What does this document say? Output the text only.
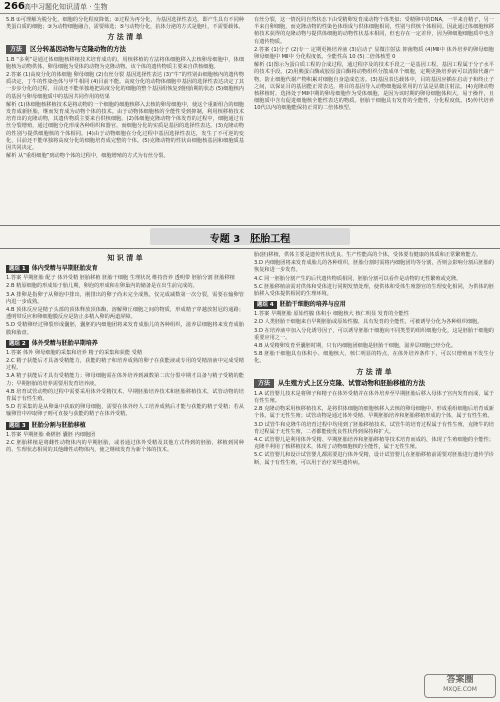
266 高中习题化知识清单 · 生物

5.B ①可理解为脱分化，细胞的分化程度降低；②过程为再分化，为基因选择性表达，即产生具有不同种类蛋白质的细胞；③为动物细胞融合，需要筛选；⑤与动物分化，抗体分泌的方式是胞吐，不需要载体。

方 法 清 单
方法 区分转基因动物与克隆动物的方法

1.B “多利”是通过体细胞核移植技术培育成功的，用核移植的方法将体细胞移入去核卵母细胞中，体细胞核为动物供体，卵母细胞为受体的动物为克隆动物。该个体的遗传物质主要来自供核细胞。

2.答案 (1)高度分化的体细胞 卵母细胞 (2)有丝分裂 基因选择性表达 (3)“牛”的性别由细胞核内的遗传物质决定，丁牛的性染色体与甲牛相同 (4)目前不能。高度分化的动物体细胞中基因的选择性表达决定了其一步步分化的过程，目前还不能单独地把高度分化的细胞的整个基因组恢复到胚胎期的状态 (5)细胞核内的基因与卵母细胞质中的基因共同作用的结果

解析 (1)体细胞核移植技术是将动物的一个细胞的细胞核移入去核的卵母细胞中，使这个重新组合的细胞发育成新胚胎，继而发育成为动物个体的技术。由于动物体细胞核的全能性受到抑制，利用核移植技术培育出的克隆动物，其遗传物质主要来自供核细胞。(2)体细胞克隆动物个体发育的过程中，细胞通过有丝分裂增殖，通过细胞分化形成各种组织和器官，而细胞分化的实质是基因的选择性表达。(3)克隆动物的性别与提供细胞核的个体相同。(4)由于动物细胞在分化过程中基因选择性表达，发生了不可逆的变化，目前还不能单独将高度分化的细胞培育成完整的个体。(5)克隆动物的性状由细胞核基因和细胞质基因共同决定。

解析 从“重组细胞”到动物个体的过程中，细胞增殖的方式为有丝分裂。

有丝分裂，这一情况同自然状态下由受精卵发育成动物个体类似；受精卵中的DNA，一半来自精子，另一半来自卵细胞，而克隆动物的性染色体组成与供体细胞相同，性别与供核个体相同。因此通过体细胞核移植技术获得的克隆动物与提供体细胞的动物性状基本相同，但也存在一定差异，因为卵细胞细胞质中也含有遗传物质。

2.答案 (1)分子 (2)专一 定期更换培养液 (3)启动子 显微注射法 抑菌物质 (4)MⅡ中 体外培养的卵母细胞 卵母细胞中 MⅡ中 分化程度低、全能性高 10 (5)二倍体核型 0

解析 (1)图示为蛋白质工程的合成过程，通过程序及的技术手段之一是基因工程。基因工程属于分子水平的技术手段。(2)用胰蛋白酶或胶原蛋白酶将动物组织分散成单个细胞，定期更换培养液可以清除代谢产物，防止细胞代谢产物积累对细胞自身造成危害。(3)基因表达载体中，目的基因应插在启动子和终止子之间，以保证目的基因能正常表达。将目的基因导入动物细胞最常用的方法是显微注射法。(4)克隆动物核移植时，选择处于MⅡ中期的卵母细胞作为受体细胞，是因为该时期的卵母细胞体积大，易于操作，且细胞质中含有促进细胞核全能性表达的物质。胚胎干细胞具有发育的全能性，分化程度低。(5)传代培养10代以内的细胞能保持正常的二倍体核型。

专题 3　胚胎工程
知 识 清 单
题组 1 体内受精与早期胚胎发育

1.答案 早期胚胎 配子 体外受精 胚胎移植 胚胎干细胞 生理状况 维持营养 透明带 胚胎分割 胚胎移植

2.B 精原细胞的形成始于胎儿期，卵泡的形成和在卵巢内的储备是在出生前完成的。

3.A 排卵是指卵子从卵泡中排出，刚排出的卵子尚未完全成熟，仅完成减数第一次分裂，需要在输卵管内进一步成熟。

4.B 顶体反应是精子头部的顶体释放顶体酶，溶解卵丘细胞之间的物质，形成精子穿越放射冠的通路；透明带反应和卵细胞膜反应是防止多精入卵的两道屏障。

5.D 受精卵经过卵裂形成囊胚，囊胚的内细胞团将来发育成胎儿的各种组织，滋养层细胞将来发育成胎膜和胎盘。

题组 2 体外受精与胚胎早期培养

1.答案 体外 卵母细胞的采集和培养 精子的采集和获能 受精

2.C 精子获能后才具备受精能力，获能的精子和培养成熟的卵子在获能液或专用的受精溶液中完成受精过程。

3.A 精子获能后才具有受精能力；卵母细胞需在体外培养到减数第二次分裂中期才具备与精子受精的能力；早期胚胎的培养需要用发育培养液。

4.B 培育试管动物的过程中需要采用体外受精技术、早期胚胎培养技术和胚胎移植技术，试管动物的培育属于有性生殖。

5.D 若采集的是从卵巢中获取的卵母细胞，需要在体外经人工培养成熟后才能与获能的精子受精；若从输卵管中冲取卵子则可直接与获能的精子在体外受精。

题组 3 胚胎分割与胚胎移植

1.答案 早期胚胎 桑椹胚 囊胚 内细胞团

2.C 胚胎移植是将雌性动物体内的早期胚胎，或者通过体外受精及其他方式得到的胚胎，移植到同种的、生理状态相同的其他雌性动物体内，使之继续发育为新个体的技术。

胎(胚)移植，供体主要是遗传性状优良、生产性能高的个体，受体要有健康的体质和正常繁殖能力。

3.D 内细胞团将来发育成胎儿的各种组织，胚胎分割时需将内细胞团均等分割，否则会影响分割后胚胎的恢复和进一步发育。

4.C 同一胚胎分割产生的后代遗传物质相同，胚胎分割可以看作是动物的无性繁殖或克隆。

5.C 胚胎移植前需对供体和受体进行同期发情处理，使供体和受体生殖器官的生理变化相同，为供体的胚胎移入受体提供相同的生理环境。

题组 4 胚胎干细胞的培养与应用

1.答案 早期胚胎 原始性腺 体积小 细胞核大 核仁明显 发育的全能性

2.D 人类胚胎干细胞来自早期胚胎或原始性腺，具有发育的全能性，可被诱导分化为各种组织细胞。

3.D 在培养液中加入分化诱导因子，可以诱导胚胎干细胞向不同类型的组织细胞分化，这是胚胎干细胞的重要应用之一。

4.B 从受精卵发育至囊胚时期，只有内细胞团细胞是胚胎干细胞，滋养层细胞已经分化。

5.B 胚胎干细胞具有体积小、细胞核大、核仁明显的特点，在体外培养条件下，可以只增殖而不发生分化。

方 法 清 单
方法 从生殖方式上区分克隆、试管动物和胚胎移植的方法

1.A 试管婴儿技术是将卵子和精子在体外受精并在体外培养至早期胚胎后移入母体子宫内发育而成，属于有性生殖。

2.B 克隆动物采用核移植技术，是将供体细胞的细胞核移入去核的卵母细胞中，形成重组细胞后培育成新个体，属于无性生殖；试管动物是通过体外受精、早期胚胎培养和胚胎移植形成的个体，属于有性生殖。

3.D 试管牛和克隆牛的培育过程中均用到了胚胎移植技术，试管牛的培育过程属于有性生殖，克隆牛的培育过程属于无性生殖，二者都能使优良性状得到保持和扩大。

4.C 试管婴儿是利用体外受精、早期胚胎培养和胚胎移植等技术培育而成的，体现了生殖细胞的全能性；克隆羊利用了核移植技术，体现了动物细胞核的全能性，属于无性生殖。

5.C 试管婴儿和设计试管婴儿都需要进行体外受精，设计试管婴儿在胚胎移植前需要对胚胎进行遗传学诊断，属于有性生殖，可以用于治疗某些遗传病。

答案圈
MXQE.COM
